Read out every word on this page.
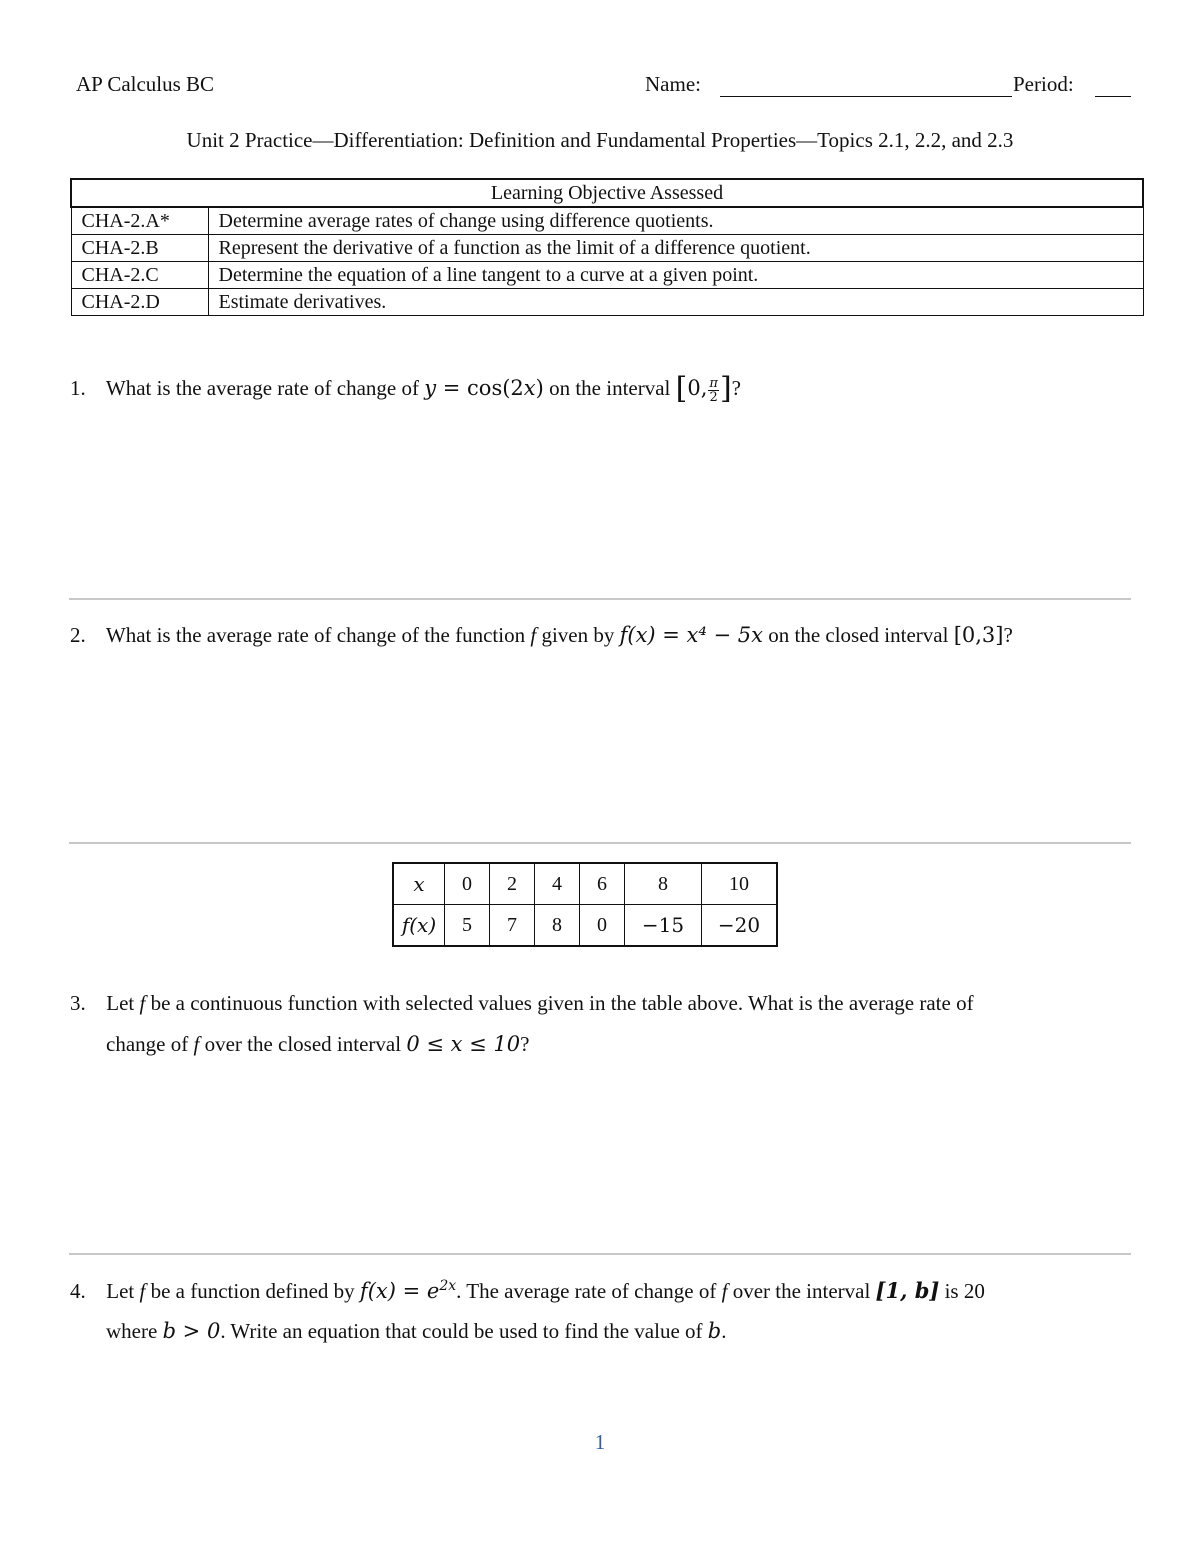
AP Calculus BC	Name:	Period:
Unit 2 Practice—Differentiation: Definition and Fundamental Properties—Topics 2.1, 2.2, and 2.3
Learning Objective Assessed	
CHA-2.A*	Determine average rates of change using difference quotients.
CHA-2.B	Represent the derivative of a function as the limit of a difference quotient.
CHA-2.C	Determine the equation of a line tangent to a curve at a given point.
CHA-2.D	Estimate derivatives.
1. What is the average rate of change of y = cos(2x) on the interval [0, $\frac{\pi}{2}$ ]?
2. What is the average rate of change of the function f given by f(x) = x⁴ − 5x on the closed interval [0,3]?
x	0	2	4	6	8	10
f(x)	5	7	8	0	−15	−20
3. Let f be a continuous function with selected values given in the table above. What is the average rate of
change of f over the closed interval 0 ≤ x ≤ 10?
4. Let f be a function defined by $f(x) = e^{2x}$. The average rate of change of f over the interval [1, b] is 20
where b > 0. Write an equation that could be used to find the value of b.
1
